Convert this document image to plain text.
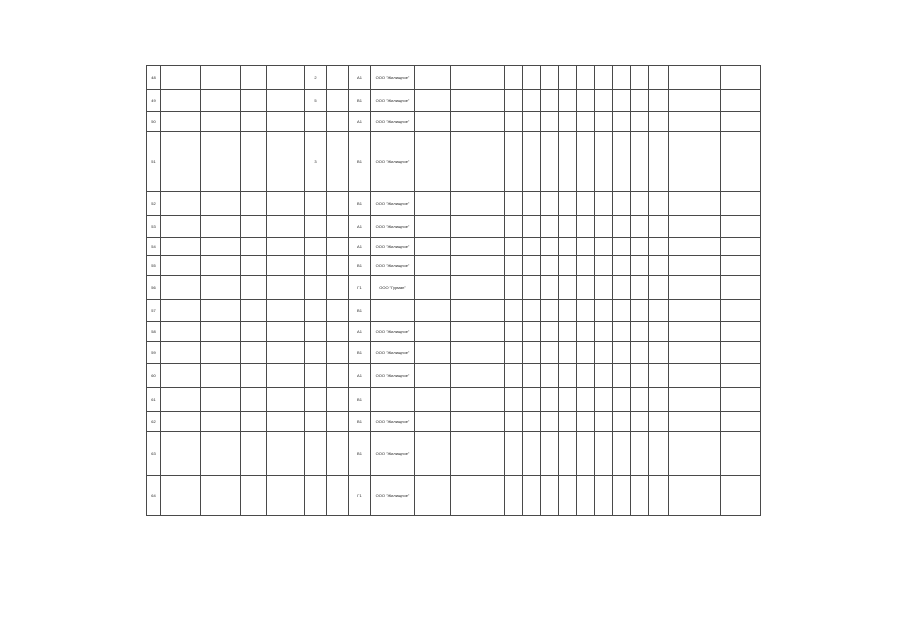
48					2		А1	ООО "Жилищное"													
49					5		В1	ООО "Жилищное"													
50							А1	ООО "Жилищное"													
51					3		В1	ООО "Жилищное"													
52							В1	ООО "Жилищное"													
53							А1	ООО "Жилищное"													
54							А1	ООО "Жилищное"													
55							В1	ООО "Жилищное"													
56							Г1	ООО "Гурман"													
57							В1														
58							А1	ООО "Жилищное"													
59							В1	ООО "Жилищное"													
60							А1	ООО "Жилищное"													
61							В1														
62							В1	ООО "Жилищное"													
63							В1	ООО "Жилищное"													
64							Г1	ООО "Жилищное"													
